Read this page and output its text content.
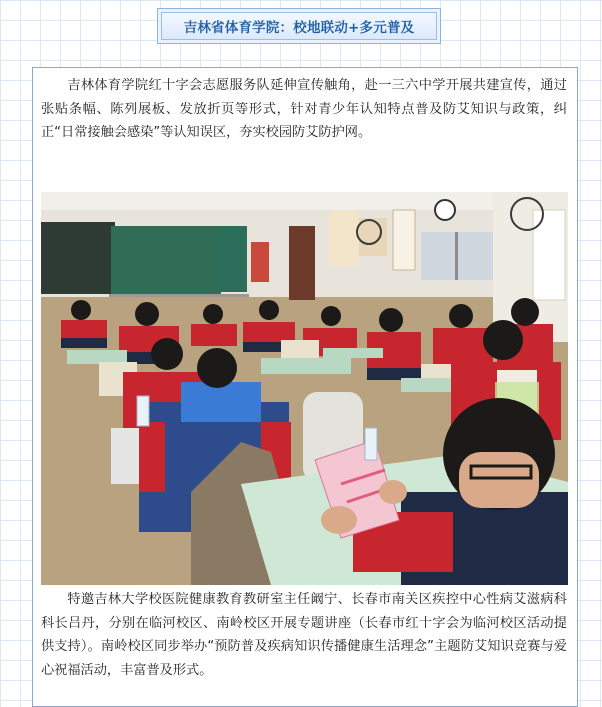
吉林省体育学院：校地联动+多元普及

吉林体育学院红十字会志愿服务队延伸宣传触角，赴一三六中学开展共建宣传，通过张贴条幅、陈列展板、发放折页等形式，针对青少年认知特点普及防艾知识与政策，纠正“日常接触会感染”等认知误区，夯实校园防艾防护网。

特邀吉林大学校医院健康教育教研室主任阚宁、长春市南关区疾控中心性病艾滋病科科长吕丹，分别在临河校区、南岭校区开展专题讲座（长春市红十字会为临河校区活动提供支持）。南岭校区同步举办“预防普及疾病知识传播健康生活理念”主题防艾知识竞赛与爱心祝福活动，丰富普及形式。
